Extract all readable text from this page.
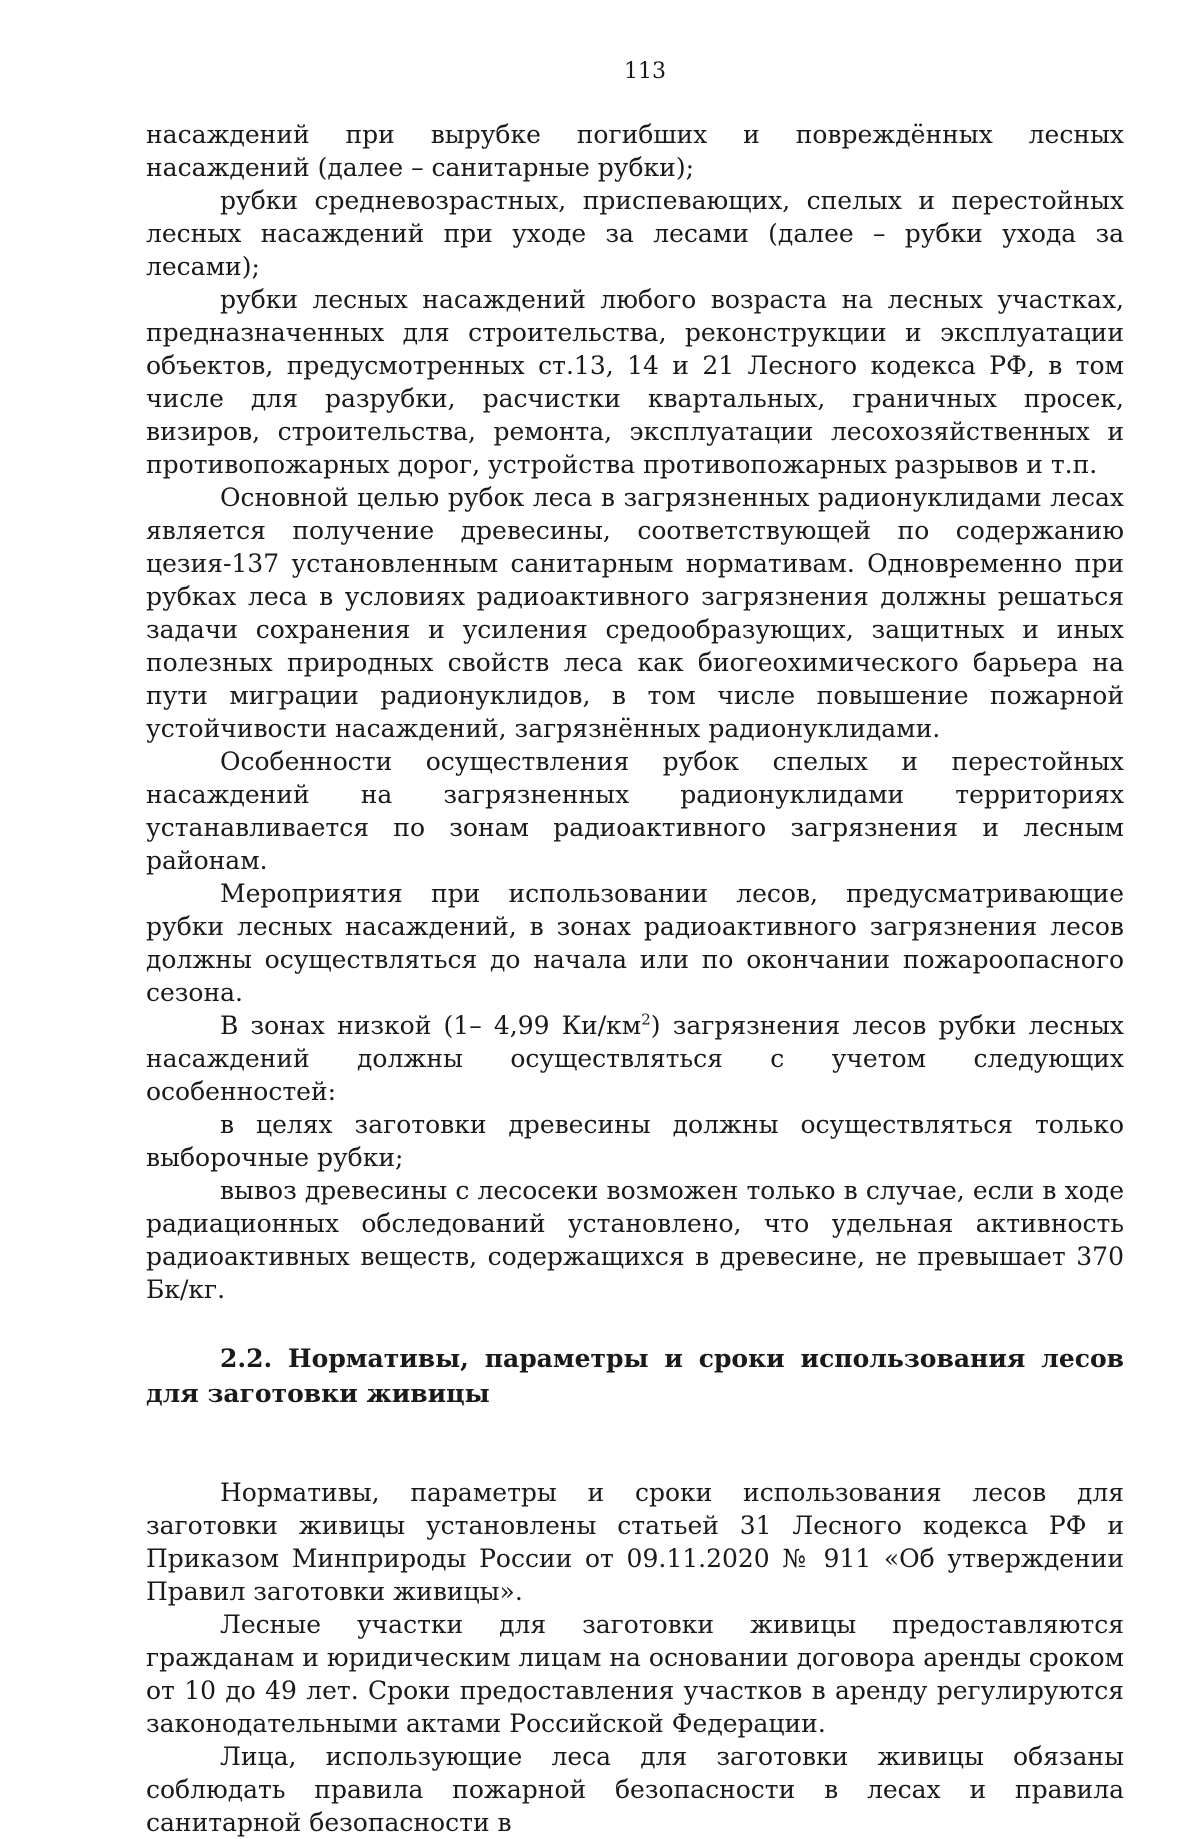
113

насаждений при вырубке погибших и повреждённых лесных насаждений (далее – санитарные рубки);

рубки средневозрастных, приспевающих, спелых и перестойных лесных насаждений при уходе за лесами (далее – рубки ухода за лесами);

рубки лесных насаждений любого возраста на лесных участках, предназначенных для строительства, реконструкции и эксплуатации объектов, предусмотренных ст.13, 14 и 21 Лесного кодекса РФ, в том числе для разрубки, расчистки квартальных, граничных просек, визиров, строительства, ремонта, эксплуатации лесохозяйственных и противопожарных дорог, устройства противопожарных разрывов и т.п.

Основной целью рубок леса в загрязненных радионуклидами лесах является получение древесины, соответствующей по содержанию цезия-137 установленным санитарным нормативам. Одновременно при рубках леса в условиях радиоактивного загрязнения должны решаться задачи сохранения и усиления средообразующих, защитных и иных полезных природных свойств леса как биогеохимического барьера на пути миграции радионуклидов, в том числе повышение пожарной устойчивости насаждений, загрязнённых радионуклидами.

Особенности осуществления рубок спелых и перестойных насаждений на загрязненных радионуклидами территориях устанавливается по зонам радиоактивного загрязнения и лесным районам.

Мероприятия при использовании лесов, предусматривающие рубки лесных насаждений, в зонах радиоактивного загрязнения лесов должны осуществляться до начала или по окончании пожароопасного сезона.

В зонах низкой (1– 4,99 $Ки/км^2$) загрязнения лесов рубки лесных насаждений должны осуществляться с учетом следующих особенностей:

в целях заготовки древесины должны осуществляться только выборочные рубки;

вывоз древесины с лесосеки возможен только в случае, если в ходе радиационных обследований установлено, что удельная активность радиоактивных веществ, содержащихся в древесине, не превышает 370 Бк/кг.

2.2. Нормативы, параметры и сроки использования лесов для заготовки живицы

Нормативы, параметры и сроки использования лесов для заготовки живицы установлены статьей 31 Лесного кодекса РФ и Приказом Минприроды России от 09.11.2020 № 911 «Об утверждении Правил заготовки живицы».

Лесные участки для заготовки живицы предоставляются гражданам и юридическим лицам на основании договора аренды сроком от 10 до 49 лет. Сроки предоставления участков в аренду регулируются законодательными актами Российской Федерации.

Лица, использующие леса для заготовки живицы обязаны соблюдать правила пожарной безопасности в лесах и правила санитарной безопасности в
